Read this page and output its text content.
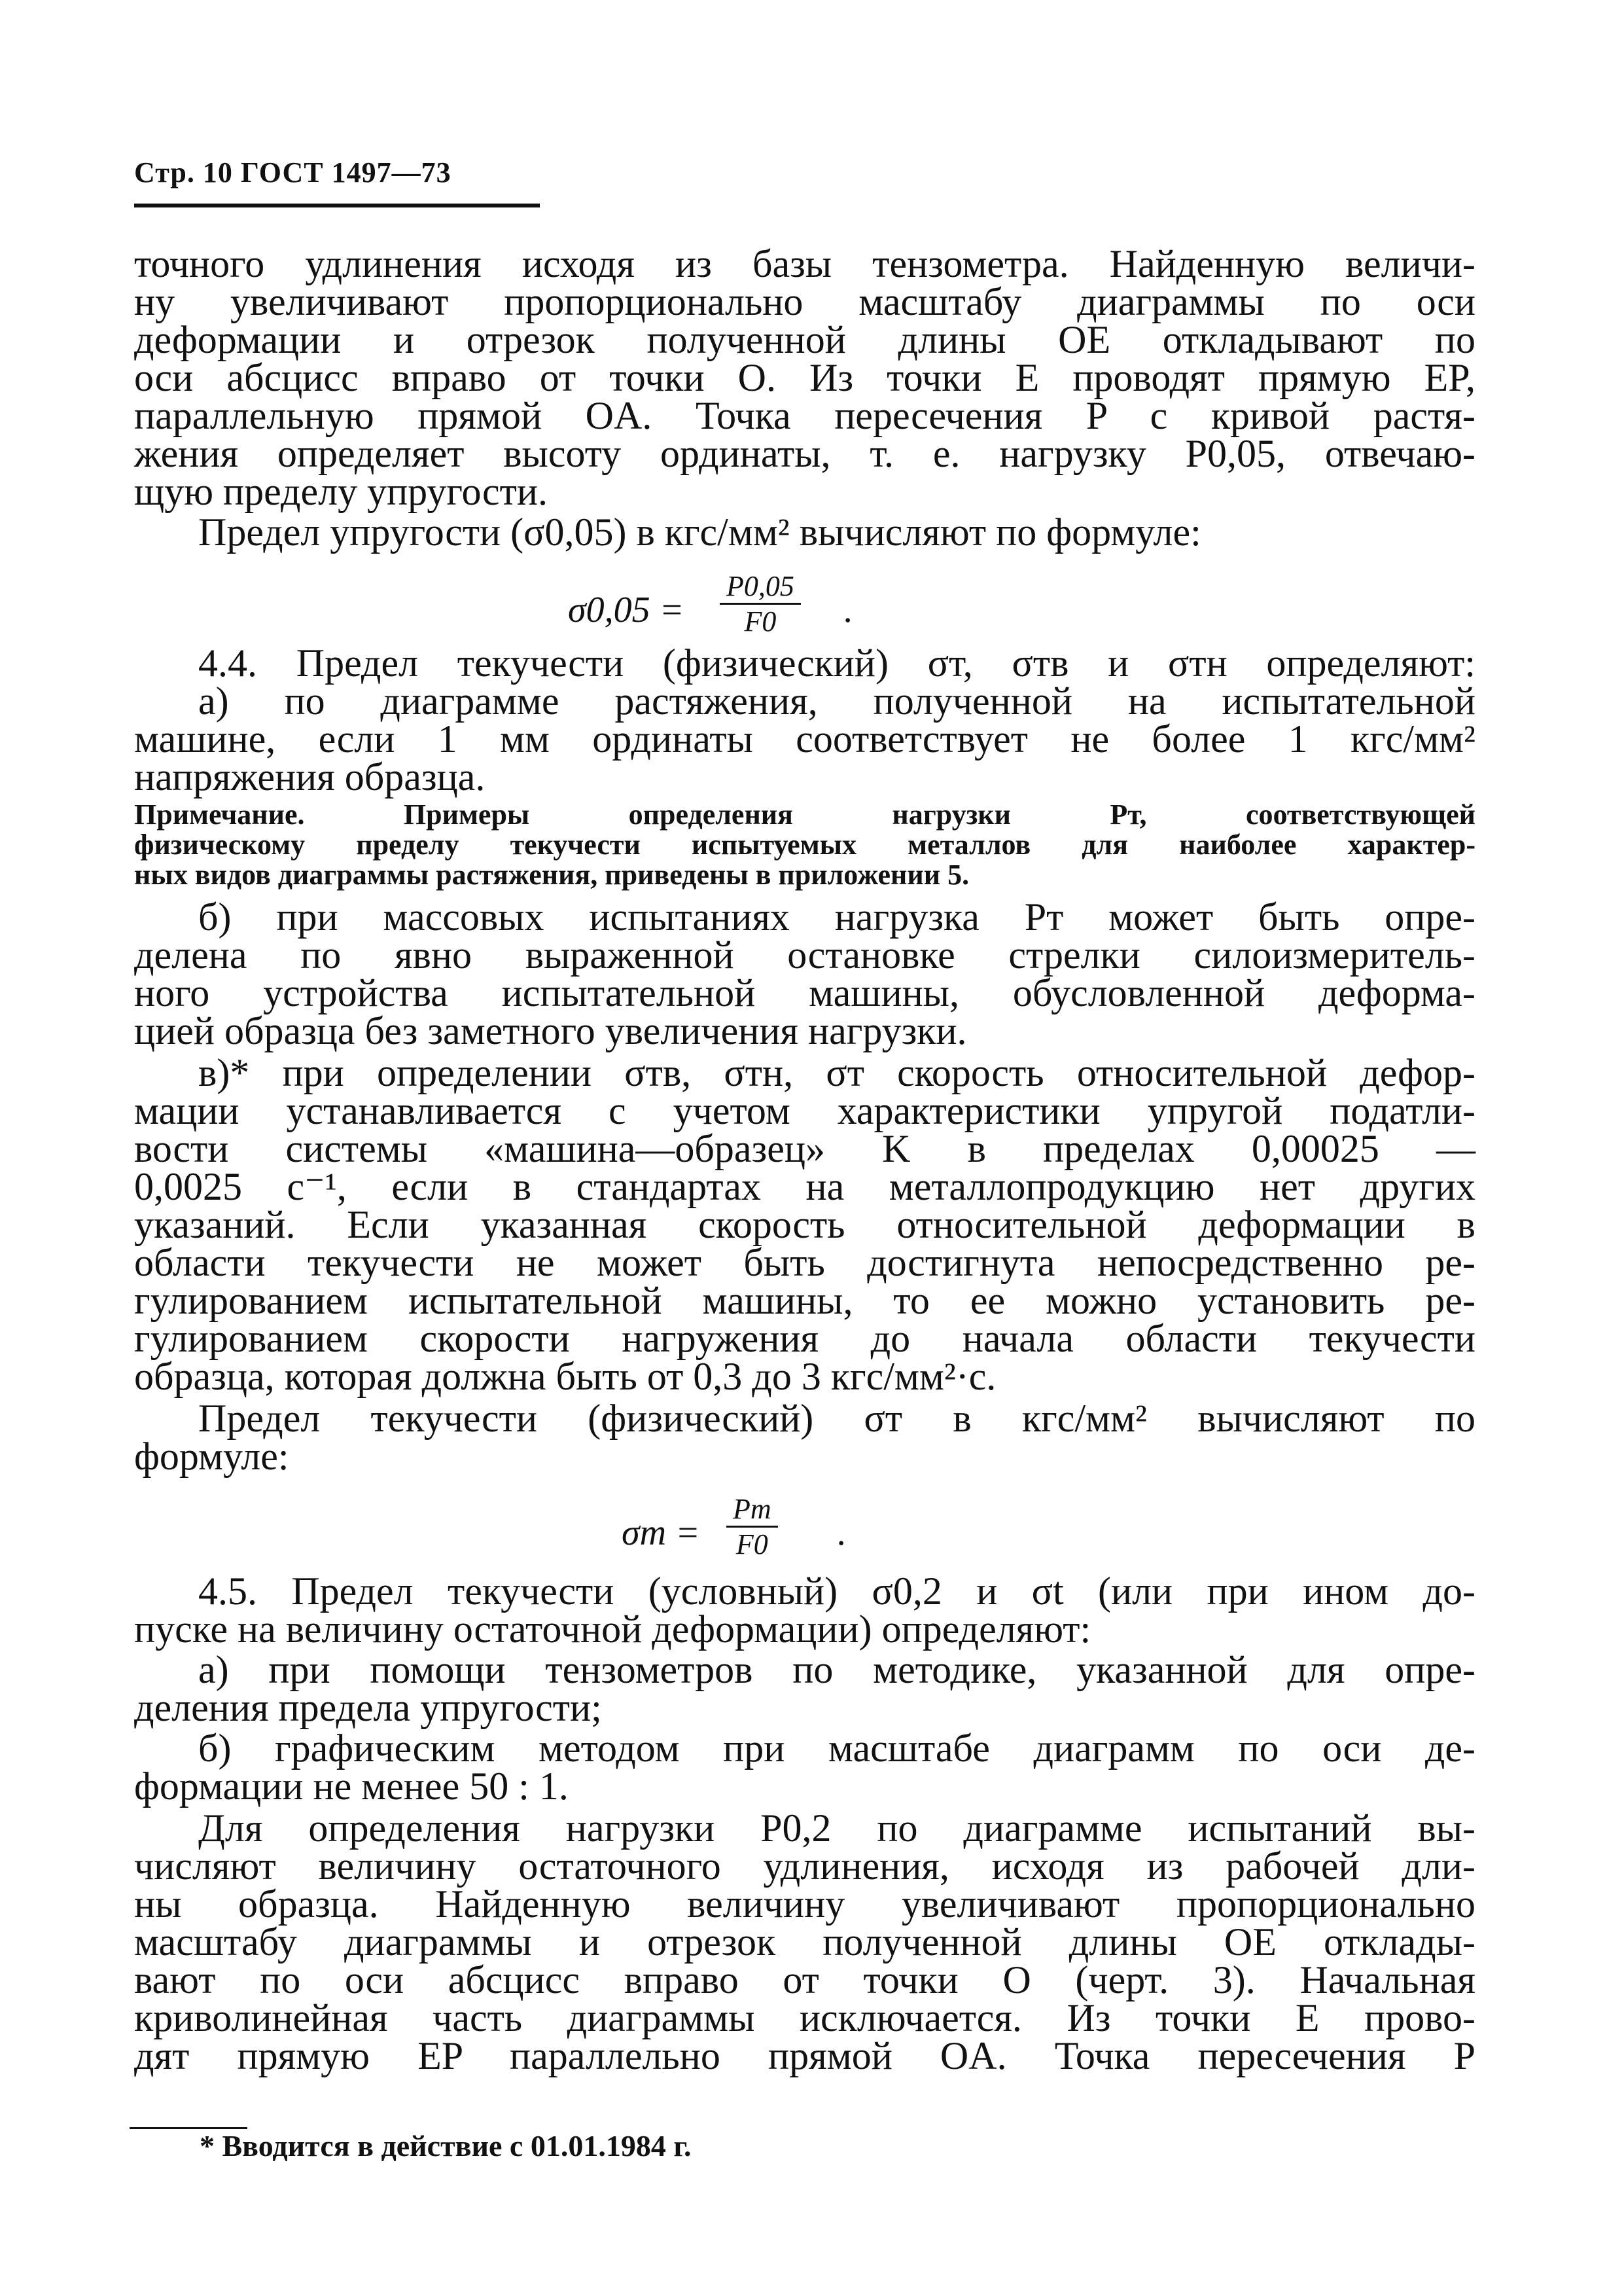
Стр. 10 ГОСТ 1497—73
точного удлинения исходя из базы тензометра. Найденную величи-
ну увеличивают пропорционально масштабу диаграммы по оси
деформации и отрезок полученной длины OE откладывают по
оси абсцисс вправо от точки O. Из точки E проводят прямую EP,
параллельную прямой OA. Точка пересечения P с кривой растя-
жения определяет высоту ординаты, т. е. нагрузку P0,05, отвечаю-
щую пределу упругости.
Предел упругости (σ0,05) в кгс/мм² вычисляют по формуле:
σ0,05 =
P0,05
F0 .
4.4. Предел текучести (физический) σт, σтв и σтн определяют:
а) по диаграмме растяжения, полученной на испытательной
машине, если 1 мм ординаты соответствует не более 1 кгс/мм²
напряжения образца.
Примечание. Примеры определения нагрузки Pт, соответствующей
физическому пределу текучести испытуемых металлов для наиболее характер-
ных видов диаграммы растяжения, приведены в приложении 5.
б) при массовых испытаниях нагрузка Pт может быть опре-
делена по явно выраженной остановке стрелки силоизмеритель-
ного устройства испытательной машины, обусловленной деформа-
цией образца без заметного увеличения нагрузки.
в)* при определении σтв, σтн, σт скорость относительной дефор-
мации устанавливается с учетом характеристики упругой податли-
вости системы «машина—образец» K в пределах 0,00025 —
0,0025 с⁻¹, если в стандартах на металлопродукцию нет других
указаний. Если указанная скорость относительной деформации в
области текучести не может быть достигнута непосредственно ре-
гулированием испытательной машины, то ее можно установить ре-
гулированием скорости нагружения до начала области текучести
образца, которая должна быть от 0,3 до 3 кгс/мм²·с.
Предел текучести (физический) σт в кгс/мм² вычисляют по
формуле:
σт =
Pт
F0 .
4.5. Предел текучести (условный) σ0,2 и σt (или при ином до-
пуске на величину остаточной деформации) определяют:
а) при помощи тензометров по методике, указанной для опре-
деления предела упругости;
б) графическим методом при масштабе диаграмм по оси де-
формации не менее 50 : 1.
Для определения нагрузки P0,2 по диаграмме испытаний вы-
числяют величину остаточного удлинения, исходя из рабочей дли-
ны образца. Найденную величину увеличивают пропорционально
масштабу диаграммы и отрезок полученной длины OE отклады-
вают по оси абсцисс вправо от точки O (черт. 3). Начальная
криволинейная часть диаграммы исключается. Из точки E прово-
дят прямую EP параллельно прямой OA. Точка пересечения P
* Вводится в действие с 01.01.1984 г.
